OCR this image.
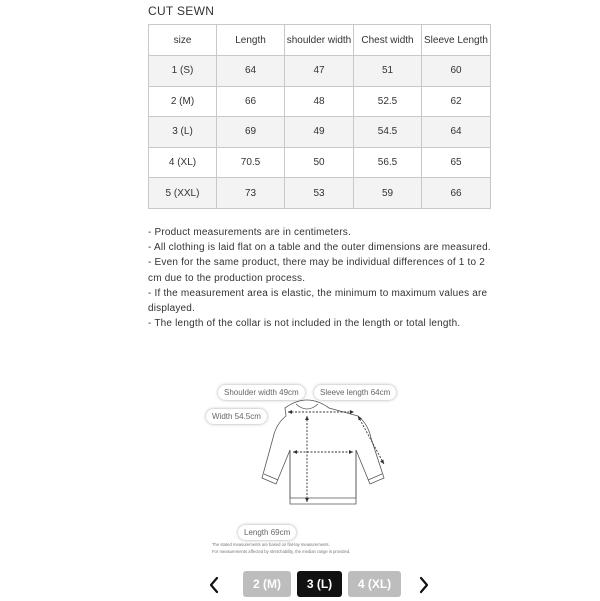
CUT SEWN
size	Length	shoulder width	Chest width	Sleeve Length
1 (S)	64	47	51	60
2 (M)	66	48	52.5	62
3 (L)	69	49	54.5	64
4 (XL)	70.5	50	56.5	65
5 (XXL)	73	53	59	66

- Product measurements are in centimeters.

- All clothing is laid flat on a table and the outer dimensions are measured.

- Even for the same product, there may be individual differences of 1 to 2 cm due to the production process.

- If the measurement area is elastic, the minimum to maximum values are displayed.

- The length of the collar is not included in the length or total length.

Shoulder width 49cm	Sleeve length 64cm
Width 54.5cm
Length 69cm
The stated measurements are based on flat-lay measurements.
For measurements affected by stretchability, the median range is provided.
2 (M)	3 (L)	4 (XL)
